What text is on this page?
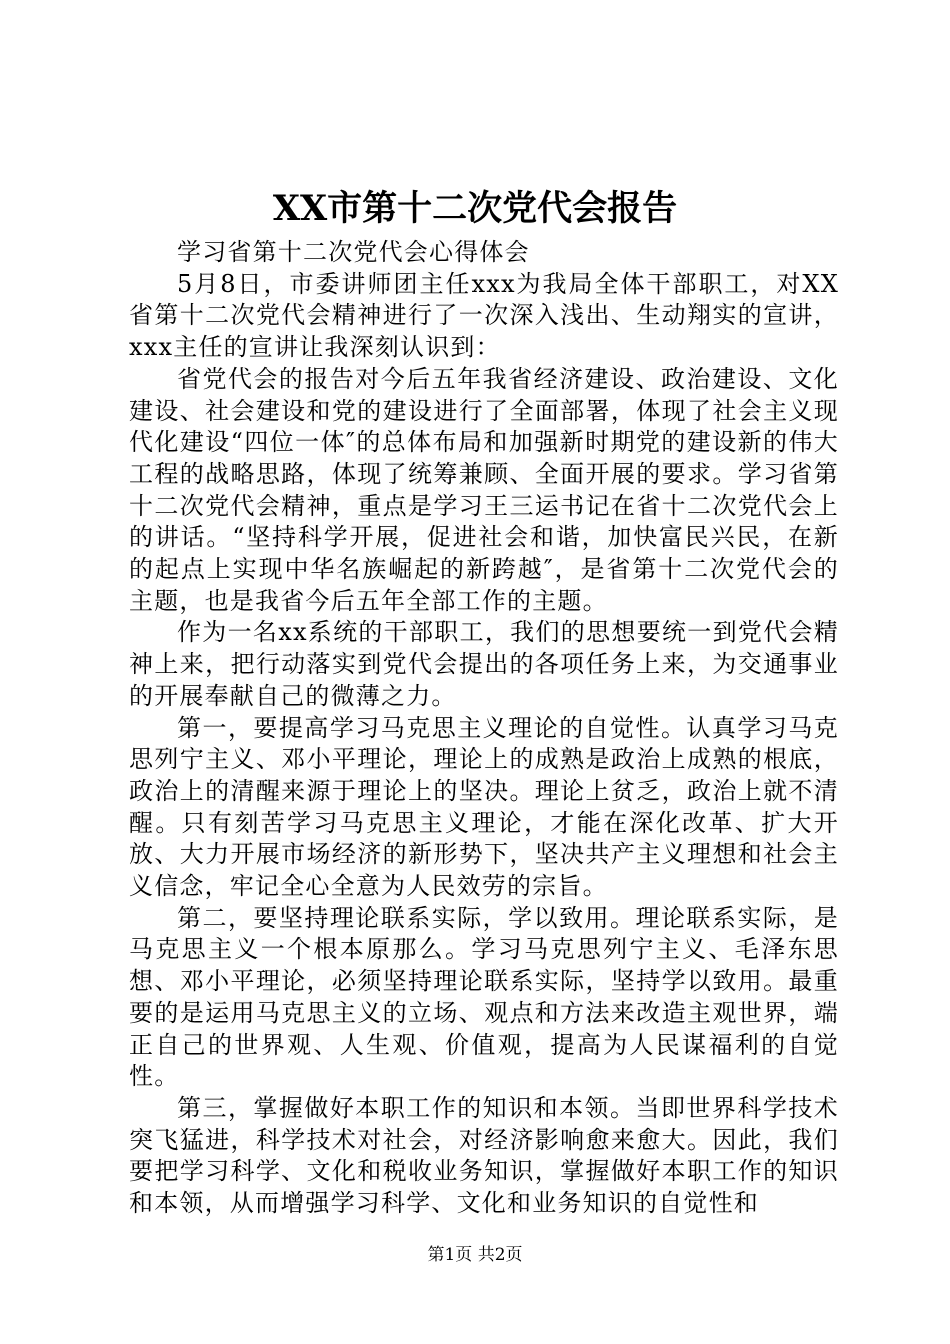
XX市第十二次党代会报告

学习省第十二次党代会心得体会

5月8日，市委讲师团主任xxx为我局全体干部职工，对XX省第十二次党代会精神进行了一次深入浅出、生动翔实的宣讲，xxx主任的宣讲让我深刻认识到：

省党代会的报告对今后五年我省经济建设、政治建设、文化建设、社会建设和党的建设进行了全面部署，体现了社会主义现代化建设“四位一体″的总体布局和加强新时期党的建设新的伟大工程的战略思路，体现了统筹兼顾、全面开展的要求。学习省第十二次党代会精神，重点是学习王三运书记在省十二次党代会上的讲话。“坚持科学开展，促进社会和谐，加快富民兴民，在新的起点上实现中华名族崛起的新跨越″，是省第十二次党代会的主题，也是我省今后五年全部工作的主题。

作为一名xx系统的干部职工，我们的思想要统一到党代会精神上来，把行动落实到党代会提出的各项任务上来，为交通事业的开展奉献自己的微薄之力。

第一，要提高学习马克思主义理论的自觉性。认真学习马克思列宁主义、邓小平理论，理论上的成熟是政治上成熟的根底，政治上的清醒来源于理论上的坚决。理论上贫乏，政治上就不清醒。只有刻苦学习马克思主义理论，才能在深化改革、扩大开放、大力开展市场经济的新形势下，坚决共产主义理想和社会主义信念，牢记全心全意为人民效劳的宗旨。

第二，要坚持理论联系实际，学以致用。理论联系实际，是马克思主义一个根本原那么。学习马克思列宁主义、毛泽东思想、邓小平理论，必须坚持理论联系实际，坚持学以致用。最重要的是运用马克思主义的立场、观点和方法来改造主观世界，端正自己的世界观、人生观、价值观，提高为人民谋福利的自觉性。

第三，掌握做好本职工作的知识和本领。当即世界科学技术突飞猛进，科学技术对社会，对经济影响愈来愈大。因此，我们要把学习科学、文化和税收业务知识，掌握做好本职工作的知识和本领，从而增强学习科学、文化和业务知识的自觉性和

第1页 共2页
